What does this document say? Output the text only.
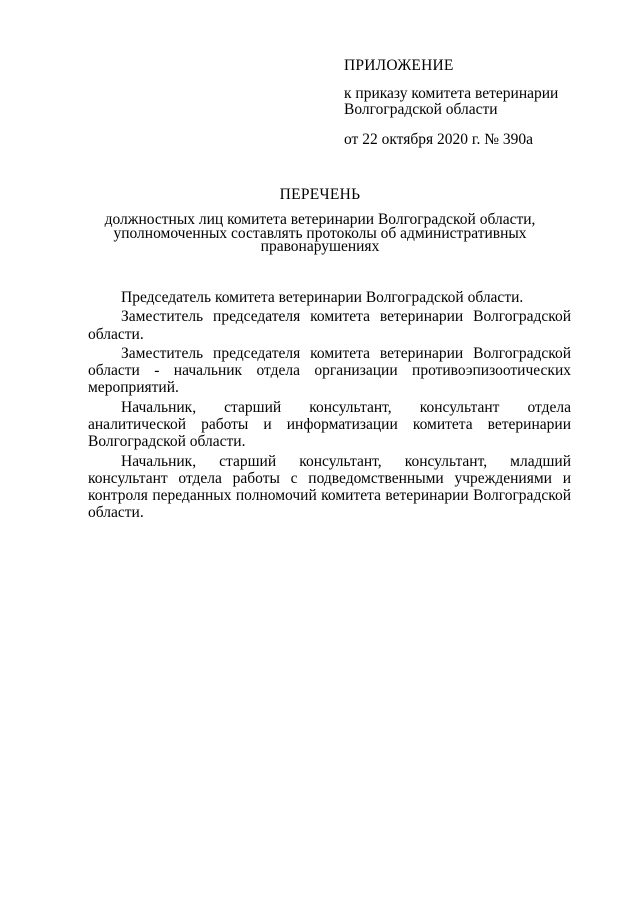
ПРИЛОЖЕНИЕ

к приказу комитета ветеринарии

Волгоградской области

от 22 октября 2020 г. № 390а

ПЕРЕЧЕНЬ
должностных лиц комитета ветеринарии Волгоградской области,
уполномоченных составлять протоколы об административных
правонарушениях

Председатель комитета ветеринарии Волгоградской области.

Заместитель председателя комитета ветеринарии Волгоградской области.

Заместитель председателя комитета ветеринарии Волгоградской области - начальник отдела организации противоэпизоотических мероприятий.

Начальник, старший консультант, консультант отдела аналитической работы и информатизации комитета ветеринарии Волгоградской области.

Начальник, старший консультант, консультант, младший консультант отдела работы с подведомственными учреждениями и контроля переданных полномочий комитета ветеринарии Волгоградской области.
